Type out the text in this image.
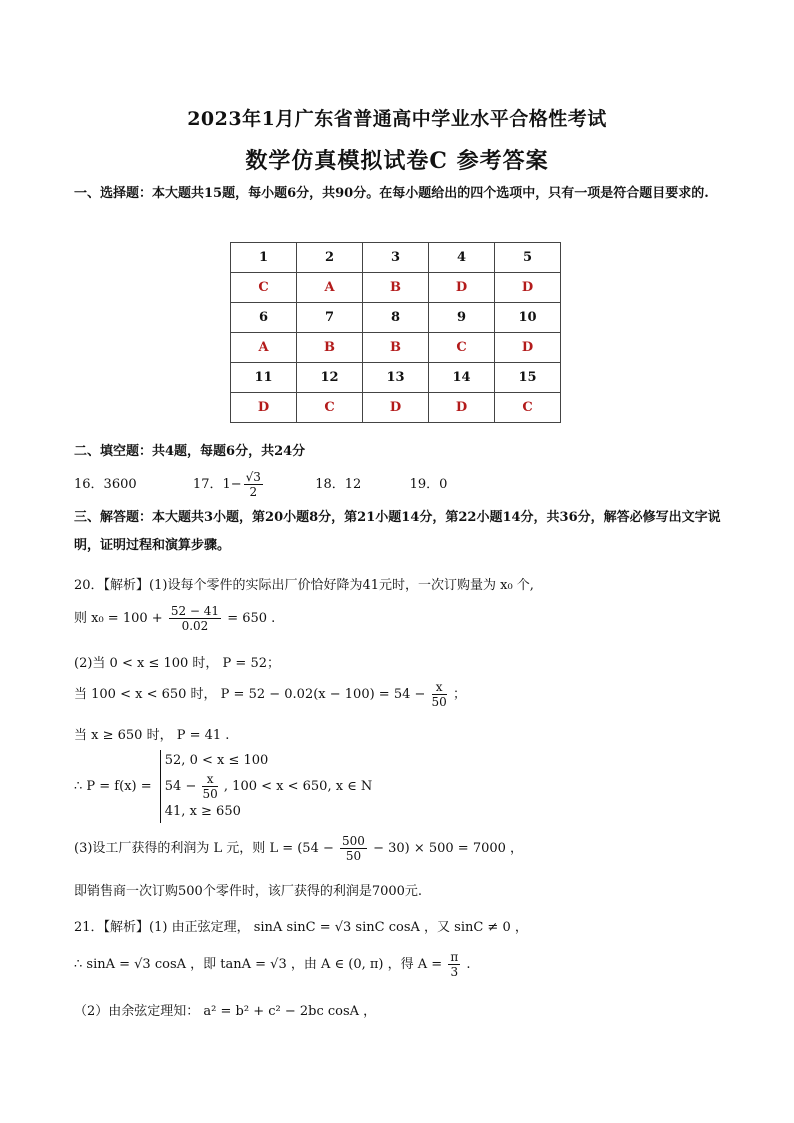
2023年1月广东省普通高中学业水平合格性考试
数学仿真模拟试卷C 参考答案
一、选择题：本大题共15题，每小题6分，共90分。在每小题给出的四个选项中，只有一项是符合题目要求的.
1	2	3	4	5
C	A	B	D	D
6	7	8	9	10
A	B	B	C	D
11	12	13	14	15
D	C	D	D	C
二、填空题：共4题，每题6分，共24分
16．3600	17．$1- \frac{√3}{2}$	18．12	19．0
三、解答题：本大题共3小题，第20小题8分，第21小题14分，第22小题14分，共36分，解答必修写出文字说明，证明过程和演算步骤。
20．【解析】(1)设每个零件的实际出厂价恰好降为41元时，一次订购量为 x₀ 个,
则 $x_0 = 100 + \frac{52 - 41}{0.02} = 650$ .
(2)当 0 < x ≤ 100 时， P = 52；
当 100 < x < 650 时， $P = 52 - 0.02(x - 100) = 54 - \frac{x}{50}$ ；
当 x ≥ 650 时， P = 41 .
∴ P = f(x) =
52, 0 < x ≤ 100
$54 - \frac{x}{50}$ , 100 < x < 650, x ∈ N
41, x ≥ 650
(3)设工厂获得的利润为 L 元，则 $L = (54 - \frac{500}{50} - 30) \times 500 = 7000$ ，
即销售商一次订购500个零件时，该厂获得的利润是7000元.
21．【解析】(1) 由正弦定理， sinA sinC = √3 sinC cosA ，又 sinC ≠ 0 ，
∴ sinA = √3 cosA ，即 tanA = √3 ，由 A ∈ (0, π) ，得 $A = \frac{\pi}{3}$ .
（2）由余弦定理知： a² = b² + c² − 2bc cosA ，
